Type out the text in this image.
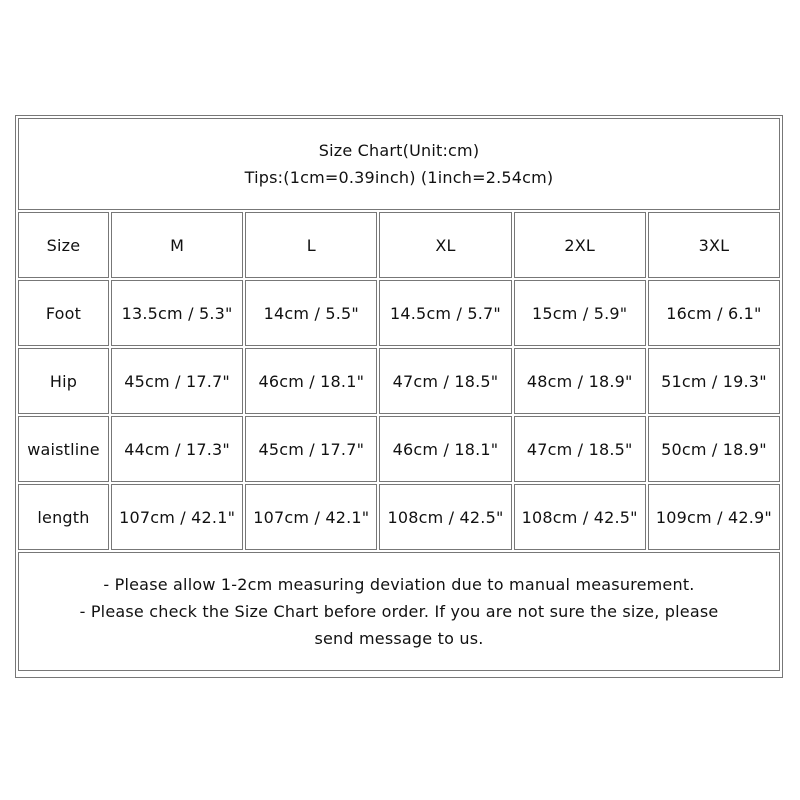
Size Chart(Unit:cm)
Tips:(1cm=0.39inch) (1inch=2.54cm)
Size	M	L	XL	2XL	3XL
Foot	13.5cm / 5.3"	14cm / 5.5"	14.5cm / 5.7"	15cm / 5.9"	16cm / 6.1"
Hip	45cm / 17.7"	46cm / 18.1"	47cm / 18.5"	48cm / 18.9"	51cm / 19.3"
waistline	44cm / 17.3"	45cm / 17.7"	46cm / 18.1"	47cm / 18.5"	50cm / 18.9"
length	107cm / 42.1"	107cm / 42.1"	108cm / 42.5"	108cm / 42.5"	109cm / 42.9"
- Please allow 1-2cm measuring deviation due to manual measurement.
- Please check the Size Chart before order. If you are not sure the size, please
send message to us.
